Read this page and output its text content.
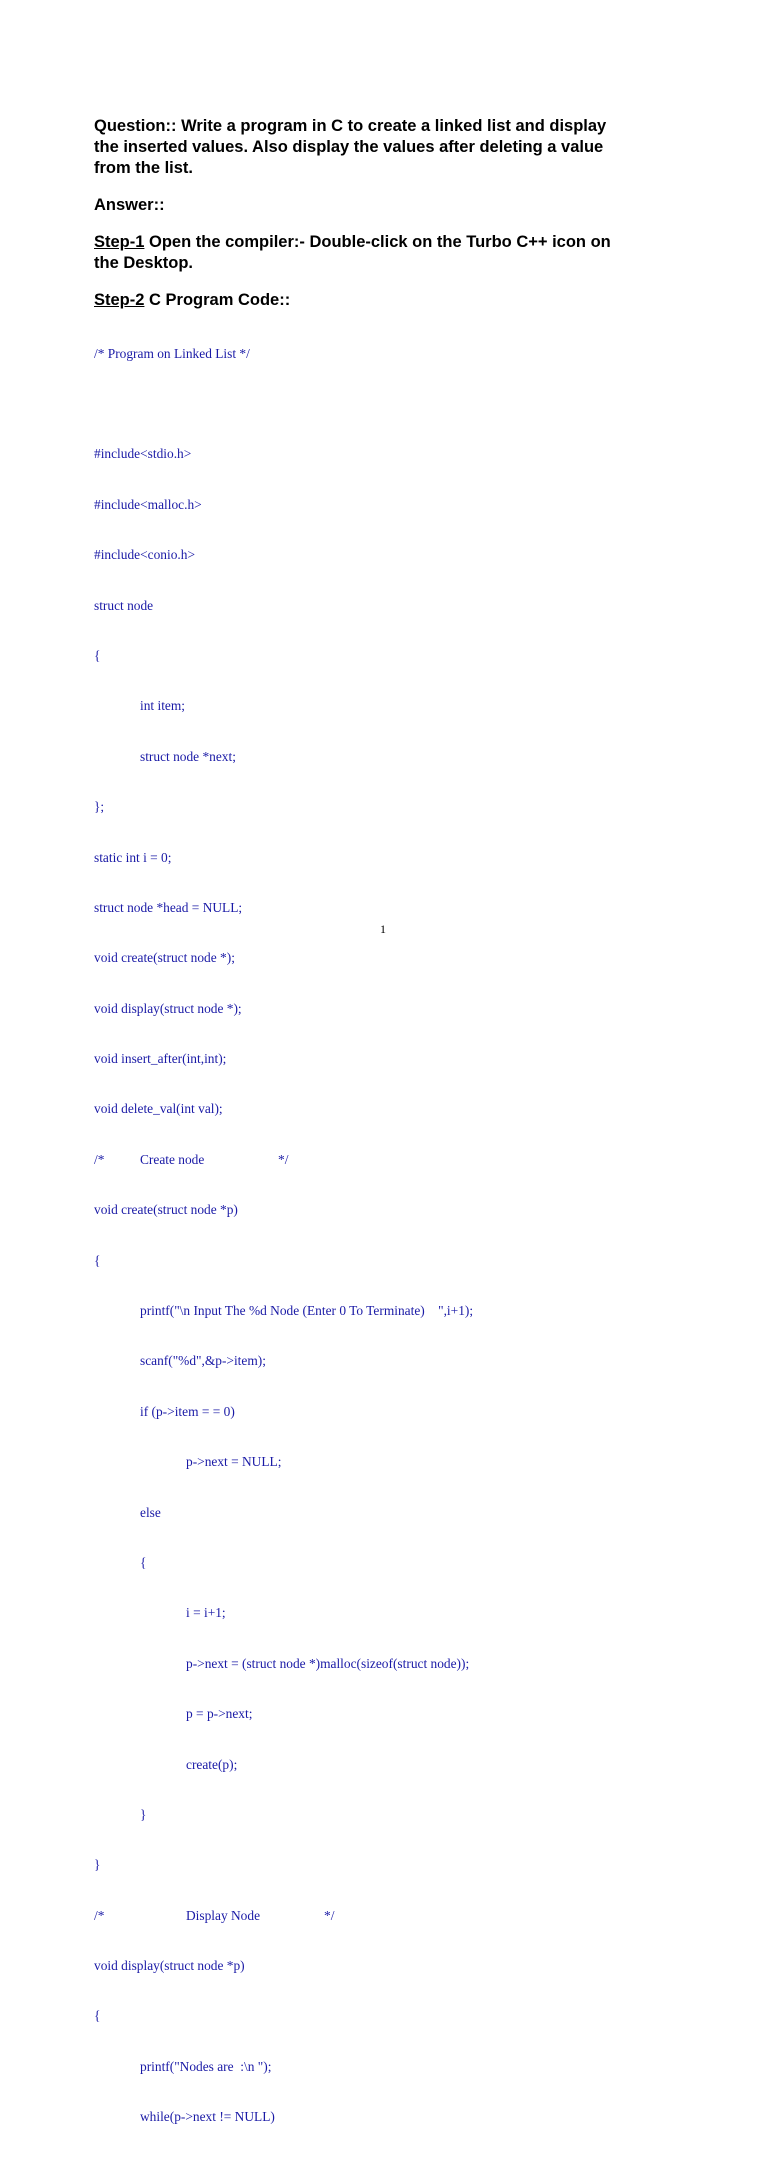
Question:: Write a program in C to create a linked list and display

the inserted values. Also display the values after deleting a value

from the list.

Answer::

Step-1 Open the compiler:- Double-click on the Turbo C++ icon on

the Desktop.

Step-2 C Program Code::

/* Program on Linked List */

#include<stdio.h>

#include<malloc.h>

#include<conio.h>

struct node

{

	int item;

	struct node *next;

};

static int i = 0;

struct node *head = NULL;

void create(struct node *);

void display(struct node *);

void insert_after(int,int);

void delete_val(int val);

/*	Create node		*/

void create(struct node *p)

{

	printf("\n Input The %d Node (Enter 0 To Terminate)    ",i+1);

	scanf("%d",&p->item);

	if (p->item = = 0)

		p->next = NULL;

	else

	{

		i = i+1;

		p->next = (struct node *)malloc(sizeof(struct node));

		p = p->next;

		create(p);

	}

}

/*		Display Node		*/

void display(struct node *p)

{

	printf("Nodes are  :\n ");

	while(p->next != NULL)

1
